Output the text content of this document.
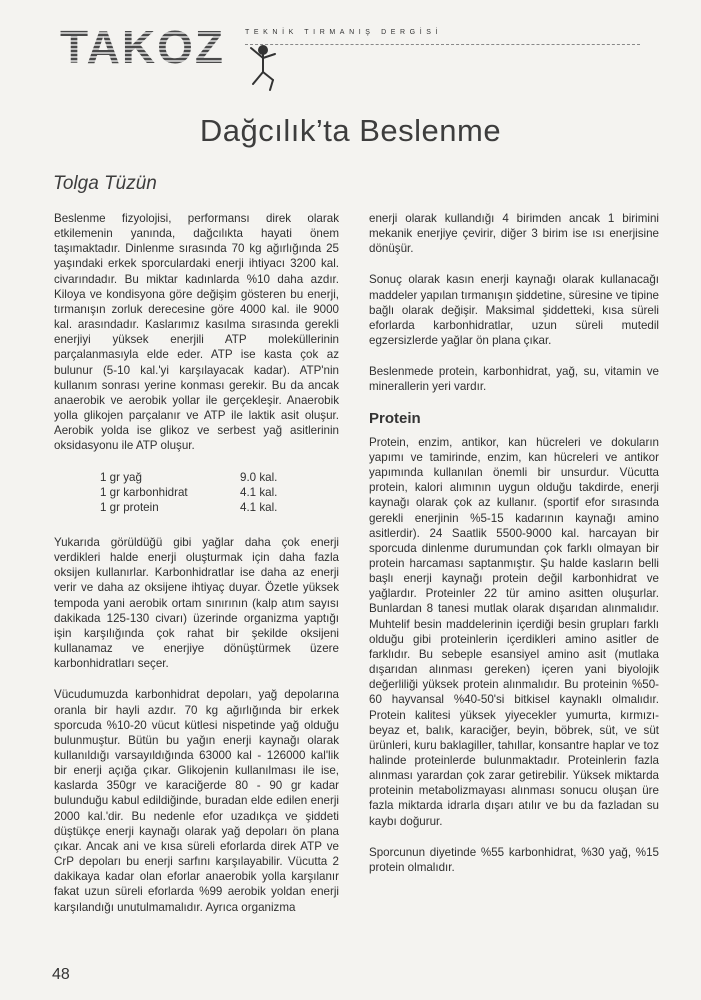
TAKOZ	TEKNİK TIRMANIŞ DERGİSİ
Dağcılık’ta Beslenme
Tolga Tüzün

Beslenme fizyolojisi, performansı direk olarak etkilemenin yanında, dağcılıkta hayati önem taşımaktadır. Dinlenme sırasında 70 kg ağırlığında 25 yaşındaki erkek sporculardaki enerji ihtiyacı 3200 kal. civarındadır. Bu miktar kadınlarda %10 daha azdır. Kiloya ve kondisyona göre değişim gösteren bu enerji, tırmanışın zorluk derecesine göre 4000 kal. ile 9000 kal. arasındadır. Kaslarımız kasılma sırasında gerekli enerjiyi yüksek enerjili ATP moleküllerinin parçalanmasıyla elde eder. ATP ise kasta çok az bulunur (5-10 kal.'yi karşılayacak kadar). ATP'nin kullanım sonrası yerine konması gerekir. Bu da ancak anaerobik ve aerobik yollar ile gerçekleşir. Anaerobik yolla glikojen parçalanır ve ATP ile laktik asit oluşur. Aerobik yolda ise glikoz ve serbest yağ asitlerinin oksidasyonu ile ATP oluşur.

1 gr yağ	9.0 kal.
1 gr karbonhidrat	4.1 kal.
1 gr protein	4.1 kal.

Yukarıda görüldüğü gibi yağlar daha çok enerji verdikleri halde enerji oluşturmak için daha fazla oksijen kullanırlar. Karbonhidratlar ise daha az enerji verir ve daha az oksijene ihtiyaç duyar. Özetle yüksek tempoda yani aerobik ortam sınırının (kalp atım sayısı dakikada 125-130 civarı) üzerinde organizma yaptığı işin karşılığında çok rahat bir şekilde oksijeni kullanamaz ve enerjiye dönüştürmek üzere karbonhidratları seçer.

Vücudumuzda karbonhidrat depoları, yağ depolarına oranla bir hayli azdır. 70 kg ağırlığında bir erkek sporcuda %10-20 vücut kütlesi nispetinde yağ olduğu bulunmuştur. Bütün bu yağın enerji kaynağı olarak kullanıldığı varsayıldığında 63000 kal - 126000 kal'lik bir enerji açığa çıkar. Glikojenin kullanılması ile ise, kaslarda 350gr ve karaciğerde 80 - 90 gr kadar bulunduğu kabul edildiğinde, buradan elde edilen enerji 2000 kal.'dir. Bu nedenle efor uzadıkça ve şiddeti düştükçe enerji kaynağı olarak yağ depoları ön plana çıkar. Ancak ani ve kısa süreli eforlarda direk ATP ve CrP depoları bu enerji sarfını karşılayabilir. Vücutta 2 dakikaya kadar olan eforlar anaerobik yolla karşılanır fakat uzun süreli eforlarda %99 aerobik yoldan enerji karşılandığı unutulmamalıdır. Ayrıca organizma

enerji olarak kullandığı 4 birimden ancak 1 birimini mekanik enerjiye çevirir, diğer 3 birim ise ısı enerjisine dönüşür.

Sonuç olarak kasın enerji kaynağı olarak kullanacağı maddeler yapılan tırmanışın şiddetine, süresine ve tipine bağlı olarak değişir. Maksimal şiddetteki, kısa süreli eforlarda karbonhidratlar, uzun süreli mutedil egzersizlerde yağlar ön plana çıkar.

Beslenmede protein, karbonhidrat, yağ, su, vitamin ve minerallerin yeri vardır.

Protein

Protein, enzim, antikor, kan hücreleri ve dokuların yapımı ve tamirinde, enzim, kan hücreleri ve antikor yapımında kullanılan önemli bir unsurdur. Vücutta protein, kalori alımının uygun olduğu takdirde, enerji kaynağı olarak çok az kullanır. (sportif efor sırasında gerekli enerjinin %5-15 kadarının kaynağı amino asitlerdir). 24 Saatlik 5500-9000 kal. harcayan bir sporcuda dinlenme durumundan çok farklı olmayan bir protein harcaması saptanmıştır. Şu halde kasların belli başlı enerji kaynağı protein değil karbonhidrat ve yağlardır. Proteinler 22 tür amino asitten oluşurlar. Bunlardan 8 tanesi mutlak olarak dışarıdan alınmalıdır. Muhtelif besin maddelerinin içerdiği besin grupları farklı olduğu gibi proteinlerin içerdikleri amino asitler de farklıdır. Bu sebeple esansiyel amino asit (mutlaka dışarıdan alınması gereken) içeren yani biyolojik değerliliği yüksek protein alınmalıdır. Bu proteinin %50-60 hayvansal %40-50'si bitkisel kaynaklı olmalıdır. Protein kalitesi yüksek yiyecekler yumurta, kırmızı-beyaz et, balık, karaciğer, beyin, böbrek, süt, ve süt ürünleri, kuru baklagiller, tahıllar, konsantre haplar ve toz halinde proteinlerde bulunmaktadır. Proteinlerin fazla alınması yarardan çok zarar getirebilir. Yüksek miktarda proteinin metabolizmayası alınması sonucu oluşan üre fazla miktarda idrarla dışarı atılır ve bu da fazladan su kaybı doğurur.

Sporcunun diyetinde %55 karbonhidrat, %30 yağ, %15 protein olmalıdır.

48
